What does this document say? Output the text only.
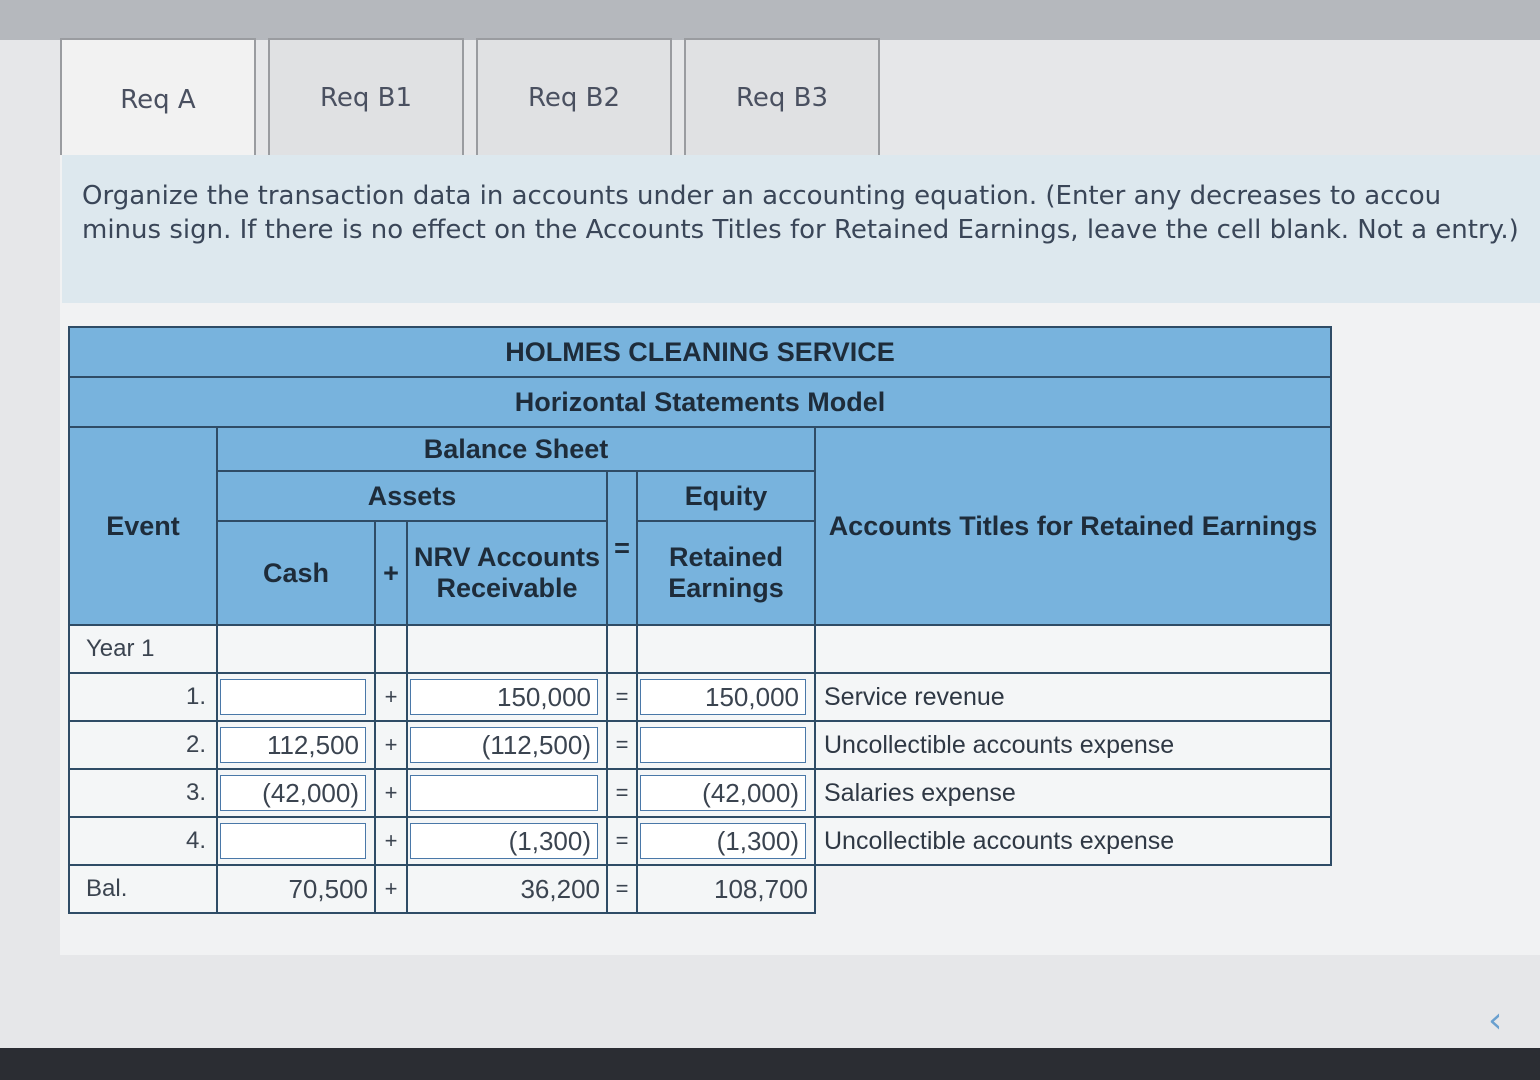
Req A	Req B1	Req B2	Req B3
Organize the transaction data in accounts under an accounting equation. (Enter any decreases to accou minus sign. If there is no effect on the Accounts Titles for Retained Earnings, leave the cell blank. Not a entry.)
HOLMES CLEANING SERVICE						
Horizontal Statements Model						
Event	Balance Sheet					Accounts Titles for Retained Earnings
	Assets			=	Equity	
	Cash	+	NRV Accounts Receivable		Retained Earnings	
Year 1						
1.		+	150,000	=	150,000	Service revenue
2.	112,500	+	(112,500)	=		Uncollectible accounts expense
3.	(42,000)	+		=	(42,000)	Salaries expense
4.		+	(1,300)	=	(1,300)	Uncollectible accounts expense
Bal.	70,500	+	36,200	=	108,700	
‹
